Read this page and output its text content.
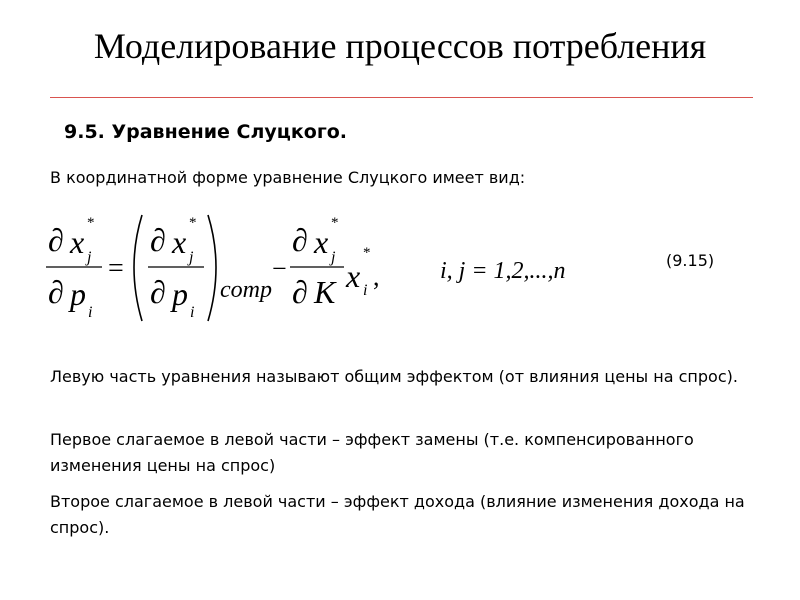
Моделирование процессов потребления
9.5. Уравнение Слуцкого.
В координатной форме уравнение Слуцкого имеет вид:
∂ x
*
j
∂ p
i
=
∂ x
*
j
∂ p
i
comp
−
∂ x
*
j
∂ K x
*
i ,	i, j = 1,2,...,n	(9.15)
Левую часть уравнения называют общим эффектом (от влияния цены на спрос).
Первое слагаемое в левой части – эффект замены (т.е. компенсированного изменения цены на спрос)
Второе слагаемое в левой части – эффект дохода (влияние изменения дохода на спрос).
